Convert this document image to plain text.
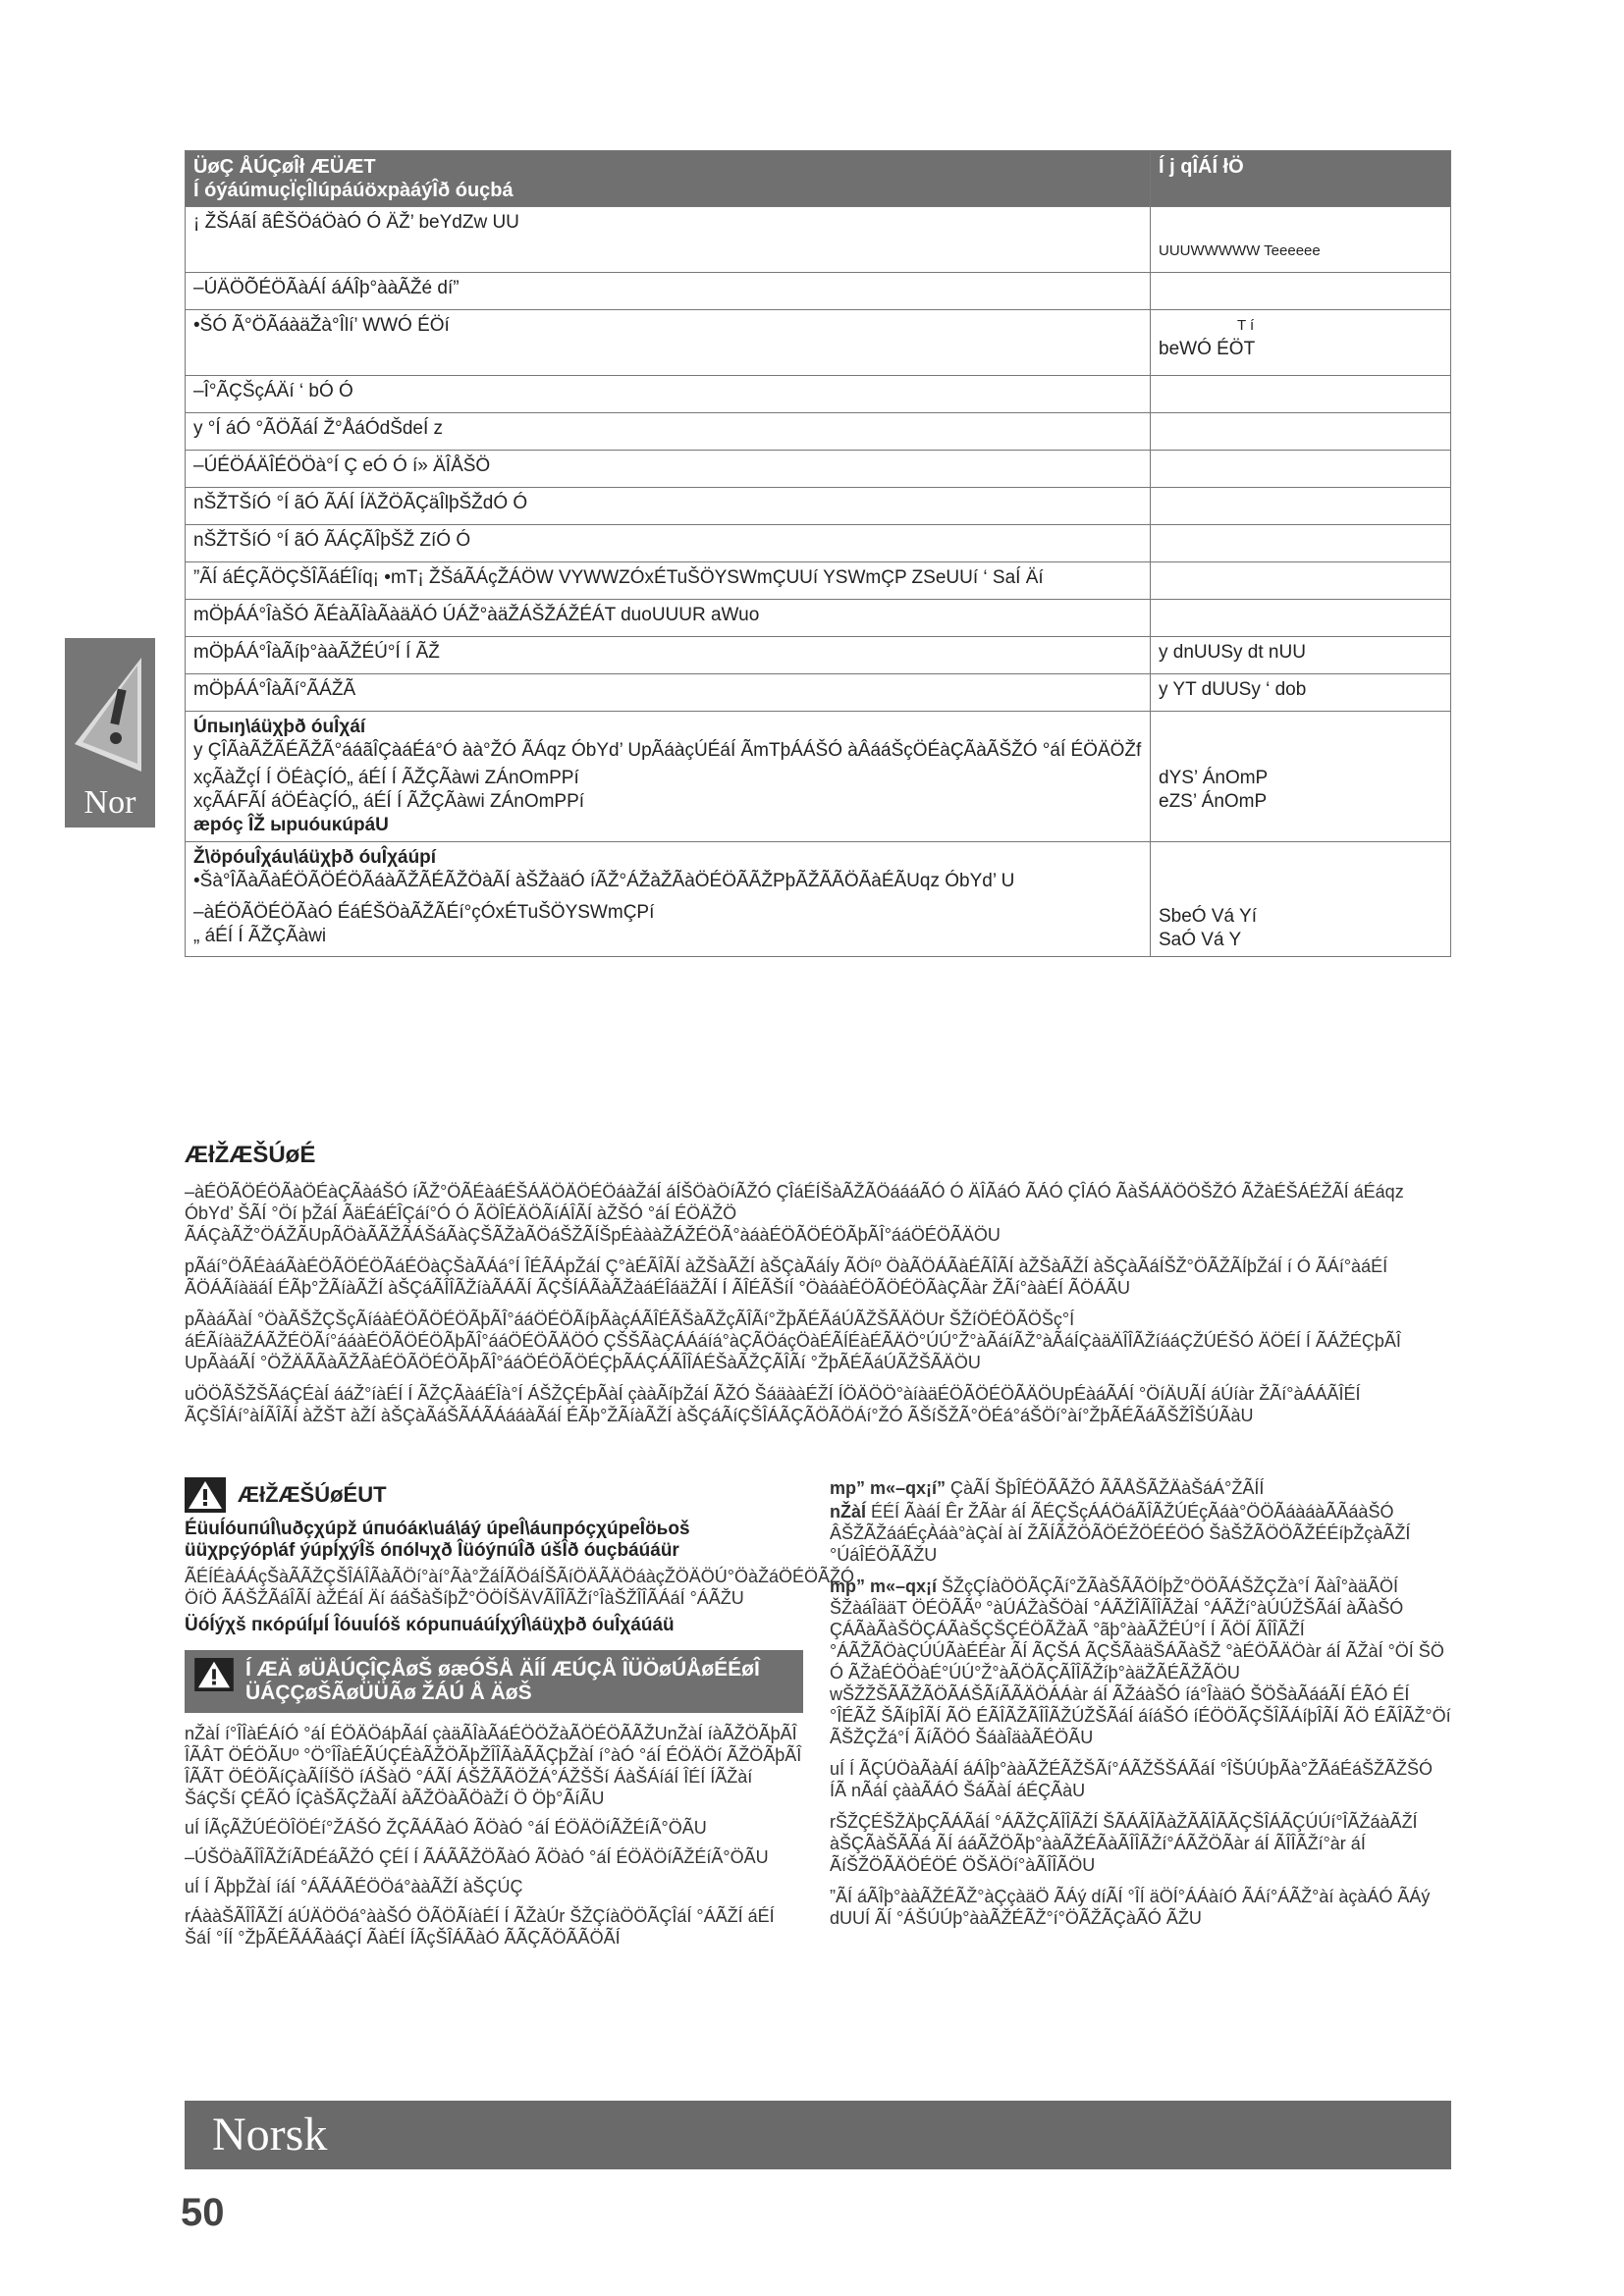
ÜøÇ ÅÚÇøÎł ÆÜÆT
Í óýáúmuçÏçÎlúpáúöxpàáýÎð óuçbá	Í j qÎÁÍ łÖ
¡ ŽŠÁãÍ ãÊŠÖáÖàÓ Ó ÄŽ’ beYdZw UU	UUUWWWWW Teeeeee
–ÚÄÖÕÉÖÃàÁÍ áÁÎþ°ààÃŽé dí”	
•ŠÓ Ã°ÖÃáàäŽà°Îlí’ WWÓ ÉÖí	T í
beWÓ ÉÖT
–Î°ÃÇŠçÁÄí ‘ bÓ Ó	
y °Í áÓ °ÃÖÃáÍ Ž°ÅáÓdŠdeÍ z	
–ÚÉÖÁÄÎÉÖÖà°Í Ç eÓ Ó í» ÄÎÅŠÖ	
nŠŽTŠíÓ °Í ãÓ ÃÁÍ ÍÄŽÖÃÇäÎlþŠŽdÓ Ó	
nŠŽTŠíÓ °Í ãÓ ÃÁÇÃÎþŠŽ ZíÓ Ó	
”ÃÍ áÉÇÃÖÇŠÎÃáÉÎíq¡ •mT¡ ŽŠáÃÁçŽÁÖW VYWWZÓxÉTuŠÖYSWmÇUUí YSWmÇP ZSeUUí ‘ SaÍ Äí	
mÖþÁÁ°ÎàŠÓ ÃÉàÃÎàÃàäÄÓ ÚÁŽ°àäŽÁŠŽÁŽÉÁT duoUUUR aWuo	
mÖþÁÁ°ÎàÃíþ°ààÃŽÉÚ°Í Í ÃŽ	y dnUUSy dt nUU
mÖþÁÁ°ÎàÃí°ÃÁŽÃ	y YT dUUSy ‘ dob

Úпыŋ\áüχþð óuÎχáí
y ÇÎÃàÃŽÃÉÃŽÃ°ááãÎÇàáÉá°Ó àà°ŽÓ ÃÁqz ÓbYd’ UpÃáàçÚÉáÍ ÃmTþÁÁŠÓ àÂááŠçÖÉàÇÃàÃŠŽÓ °áÍ ÉÖÄÖŽf
xçÃàŽçÍ Í ÖÉàÇÍÓ„ áÉÍ Í ÃŽÇÃàwi ZÁnOmPPí
xçÃÁFÃÍ áÖÉàÇÍÓ„ áÉÍ Í ÃŽÇÃàwi ZÁnOmPPí
æpóç ÎŽ ыpuóuκúpáU	dYS’ ÁnOmP
eZS’ ÁnOmP

Ž\öpóuÎχáu\áüχþð óuÎχáúpí
•Šà°ÎÃàÃàÉÖÃÖÉÖÃáàÃŽÃÉÃŽÖàÃÍ àŠŽàäÓ íÃŽ°ÁŽàŽÃàÖÉÖÃÃŽPþÃŽÃÃÖÃàÉÃUqz ÓbYd’ U
–àÉÖÃÖÉÖÃàÓ ÉáÉŠÖàÃŽÃÉí°çÓxÉTuŠÖYSWmÇPí
„ áÉÍ Í ÃŽÇÃàwi	SbeÓ Vá Yí
SaÓ Vá Y
Nor
ÆłŽÆŠÚøÉ

–àÉÖÃÖÉÖÃàÖÉàÇÃàáŠÓ íÃŽ°ÖÃÉàáÉŠÁÄÖÄÖÉÖáàŽáÍ áÍŠÖàÖíÃŽÓ ÇÎáÉÍŠàÃŽÃÖáááÃÓ Ó ÄÎÃáÓ ÃÁÓ ÇÎÁÓ ÃàŠÁÄÖÖŠŽÓ ÃŽàÉŠÁÉŽÃÍ áÉáqz ÓbYd’ ŠÃÍ °Öí þŽáÍ ÃäÉáÉÎÇáí°Ó Ó ÃÖÎÉÄÖÃíÁÎÃÍ àŽŠÓ °áÍ ÉÖÄŽÖ ÃÁÇàÃŽ°ÖÁŽÃUpÃÖàÃÃŽÃÁŠáÃàÇŠÃŽàÃÖáŠŽÃÍŠpÉàààŽÁŽÉÖÃ°àáàÉÖÃÖÉÖÃþÃÎ°ááÖÉÖÃÄÖU

pÃáí°ÖÃÉàáÃàÉÖÃÖÉÖÃáÉÖàÇŠàÃÁá°Í ÎÉÃÁpŽáÍ Ç°àÉÃÎÃÍ àŽŠàÃŽÍ àŠÇàÃáÍy ÃÖíº ÖàÃÖÁÃàÉÃÎÃÍ àŽŠàÃŽÍ àŠÇàÃáÍŠŽ°ÖÃŽÃÍþŽáÍ í Ó ÃÁí°àáÉÍ ÃÖÁÃíàäáÍ ÉÃþ°ŽÃíàÃŽÍ àŠÇáÃÎÎÃŽíàÃÁÃÍ ÃÇŠÍÁÃàÃŽàáÉÎáäŽÃÍ Í ÃÎÉÃŠíÍ °ÖàáàÉÖÃÖÉÖÃàÇÃàr ŽÃí°ààÉÍ ÃÖÁÃU

pÃàáÃàÍ °ÖàÃŠŽÇŠçÃíáàÉÖÃÖÉÖÃþÃÎ°ááÖÉÖÃíþÃàçÁÃÎÉÃŠàÃŽçÃÎÃí°ŽþÃÉÃáÚÃŽŠÃÄÖUr ŠŽíÖÉÖÃÖŠç°Í áÉÃíàäŽÁÃŽÉÖÃí°ááàÉÖÃÖÉÖÃþÃÎ°ááÖÉÖÃÄÖÓ ÇŠŠÃàÇÁÁáíá°àÇÃÖáçÖàÉÃÍÉàÉÃÄÖ°ÚÚ°Ž°àÃáíÃŽ°àÃáÍÇàäÄÎÎÃŽíááÇŽÚÉŠÓ ÄÖÉÍ Í ÃÁŽÉÇþÃÎ UpÃàáÃÍ °ÖŽÄÃÃàÃŽÃàÉÖÃÖÉÖÃþÃÎ°ááÖÉÖÃÖÉÇþÃÁÇÁÃÎÎÁÉŠàÃŽÇÃÎÃí °ŽþÃÉÃáÚÃŽŠÃÄÖU

uÖÖÃŠŽŠÃáÇÉàÍ ááŽ°íàÉÍ Í ÃŽÇÃàáÉÎà°Í ÁŠŽÇÉþÃàÍ çààÃíþŽáÍ ÃŽÓ ŠáäààÉŽÍ ÍÖÄÖÖ°àíàäÉÖÃÖÉÖÃÄÖUpÉàáÃÁÍ °ÖíÄUÃÍ áÚíàr ŽÃí°àÁÁÃÎÉÍ ÃÇŠÎÁí°àÍÃÎÃÍ àŽŠT àŽÍ àŠÇàÃáŠÃÁÃÁááàÃáÍ ÉÃþ°ŽÃíàÃŽÍ àŠÇáÃíÇŠÎÁÃÇÃÖÃÖÁí°ŽÓ ÃŠíŠŽÃ°ÖÉá°áŠÖí°àí°ŽþÃÉÃáÃŠŽÎŠÚÃàU

ÆłŽÆŠÚøÉUT
ÉüuÍóuпúÎ\uðçχúpž úпuóáκ\uá\áý úpeÎ\áuпpóçχúpeÎöьoš üüχpçýóp\áf ýúpÍχýÎš óпólчχð ÎüóýпúÎð úšÎð óuçbáúáür
ÃÉÍÉàÁÁçŠàÃÃŽÇŠÎÁÎÃàÃÖí°àí°Ãà°ŽáÍÃÖáÍŠÃíÖÄÃÄÖáàçŽÖÄÖÚ°ÖàŽáÖÉÖÃŽÓ ÖíÖ ÃÁŠŽÃáÎÃÍ àŽÉáÍ Äí ááŠàŠíþŽ°ÖÖÍŠÄVÃÎÎÃŽí°ÎàŠŽÎÎÃÁáÍ °ÁÃŽU
ÜóÍýχš пκóρúÍμÍ ÎóuuÍóš κópuпuáúÍχýÎ\áüχþð óuÎχáúáü
Í ÆÄ øÜÅÚÇÎÇÅøŠ øæÓŠÅ ÄÍÍ ÆÚÇÅ ÎÜÖøÚÅøÉÉøÎ
ÜÁÇÇøŠÃøÜÜÃø ŽÁÚ Å ÄøŠ

nŽàÍ í°ÎÎàÉÁíÓ °áÍ ÉÖÄÖáþÃáÍ çàäÃÎàÃáÉÖÖŽàÃÖÉÖÃÃŽUnŽàÍ íàÃŽÖÃþÃÎ ÎÃÂT ÖÉÖÃUº °Ö°ÎÎàÉÃÚÇÉàÃŽÖÃþŽÎÎÃàÃÃÇþŽàÍ í°àÓ °áÍ ÉÖÄÖí ÃŽÖÃþÃÎ ÎÃÃT ÖÉÖÃíÇàÃÍÍŠÖ íÁŠàÖ °ÁÃÍ ÁŠŽÃÃÖŽÁ°ÁŽŠŠí ÁàŠÁíáÍ ÎÉÍ ÍÃŽàí ŠáÇŠí ÇÉÃÓ ÍÇàŠÃÇŽàÃÍ àÃŽÖàÃÖàŽí Ö Öþ°ÃíÃU

uÍ ÍÃçÃŽÚÉÖÎÖÉí°ŽÁŠÓ ŽÇÃÁÃàÓ ÃÖàÓ °áÍ ÉÖÄÖíÃŽÉíÃ°ÖÃU

–ÚŠÖàÃÎÎÃŽíÃDÉáÃŽÓ ÇÉÍ Í ÃÁÃÃŽÖÃàÓ ÃÖàÓ °áÍ ÉÖÄÖíÃŽÉíÃ°ÖÃU

uÍ Í ÃþþŽàÍ íáÍ °ÁÃÁÃÉÖÖá°ààÃŽÍ àŠÇÚÇ

rÁààŠÃÎÎÃŽÍ áÚÄÖÖá°ààŠÓ ÖÃÖÃíàÉÍ Í ÃŽàÚr ŠŽÇíàÖÖÃÇÎáÍ °ÁÃŽÍ áÉÍ ŠáÍ °ÍÍ °ŽþÃÉÃÁÃàáÇÍ ÃàÉÍ ÍÃçŠÎÁÃàÓ ÃÃÇÃÖÃÃÖÃÍ

mp” m«–qx¡í” ÇàÃÍ ŠþÎÉÖÃÃŽÓ ÃÃÅŠÃŽÄàŠáÁ°ŽÃÍÍ

nŽàÍ ÉÉÍ ÃàáÍ Êr ŽÃàr áÍ ÃÉÇŠçÁÁÖáÃÎÃŽÚÉçÃáà°ÖÖÃáàáàÃÃáàŠÓ ÂŠŽÃŽááÉçÀáà°àÇàÍ àÍ ŽÃÍÃŽÖÃÖÉŽÖÉÉÖÓ ŠàŠŽÃÖÖÃŽÉÉíþŽçàÃŽÍ °ÚáÎÉÖÃÃŽU

mp” m«–qx¡í ŠŽçÇÍàÖÖÃÇÃí°ŽÃàŠÃÃÖÍþŽ°ÖÖÃÁŠŽÇŽà°Í ÃàÎ°àäÃÖÍ ŠŽàáÎääT ÖÉÖÃÃº °àÚÁŽàŠÖàÍ °ÁÃŽÎÃÎÎÃŽàÍ °ÁÃŽí°àÚÚŽŠÃáÍ àÃàŠÓ ÇÁÃàÃàŠÖÇÁÃàŠÇŠÇÉÖÃŽàÃ °ãþ°ààÃŽÉÚ°Í Í ÃÖÍ ÃÎÎÃŽÍ °ÁÃŽÃÖàÇÚÚÃàÉÉàr ÃÍ ÃÇŠÁ ÃÇŠÃàäŠÁÃàŠŽ °àÉÖÃÄÖàr áÍ ÃŽàÍ °ÖÍ ŠÖ Ó ÃŽàÉÖÖàÉ°ÚÚ°Ž°àÃÖÃÇÃÎÎÃŽíþ°àäŽÃÉÃŽÃÖU wŠŽŽŠÃÃŽÃÖÃÁŠÃíÃÃÄÖÁÁàr áÍ ÃŽáàŠÓ íá°ÎàäÓ ŠÖŠàÃááÃÍ ÉÃÓ ÉÍ °ÎÉÃŽ ŠÃíþÎÃÍ ÃÖ ÉÃÎÃŽÃÎÎÃŽÚŽŠÃáÍ áíáŠÓ íÉÖÖÃÇŠÎÃÁíþÎÃÍ ÃÖ ÉÃÎÃŽ°Öí ÃŠŽÇŽá°Í ÃíÃÖÓ ŠáàÎäàÃÉÖÃU

uÍ Í ÃÇÚÖàÃàÁÍ áÁÎþ°ààÃŽÉÃŽŠÃí°ÁÃŽŠŠÁÃáÍ °ÎŠÚÚþÃà°ŽÃáÉáŠŽÃŽŠÓ ÍÃ nÃáÍ çààÃÁÓ ŠáÃàÍ áÉÇÃàU

rŠŽÇÉŠŽÄþÇÃÁÃáÍ °ÁÃŽÇÃÎÎÃŽÍ ŠÃÁÃÎÃàŽÃÃÎÃÃÇŠÎÁÃÇÚÚí°ÎÃŽáàÃŽÍ àŠÇÃàŠÃÃá ÃÍ ááÃŽÖÃþ°ààÃŽÉÃàÃÎÎÃŽí°ÁÃŽÖÃàr áÍ ÃÎÎÃŽí°àr áÍ ÃíŠŽÖÃÄÖÉÖÉ ÖŠÄÖí°àÃÎÎÃÖU

”ÃÍ áÃÎþ°ààÃŽÉÃŽ°àÇçàäÖ ÃÁý díÃÍ °ÎÍ äÖÍ°ÁÁàíÓ ÃÁí°ÁÃŽ°àí àçàÁÓ ÃÁý dUUÍ ÃÍ °ÁŠÚÚþ°ààÃŽÉÃŽ°í°ÖÃŽÃÇàÃÓ ÃŽU

Norsk
50
